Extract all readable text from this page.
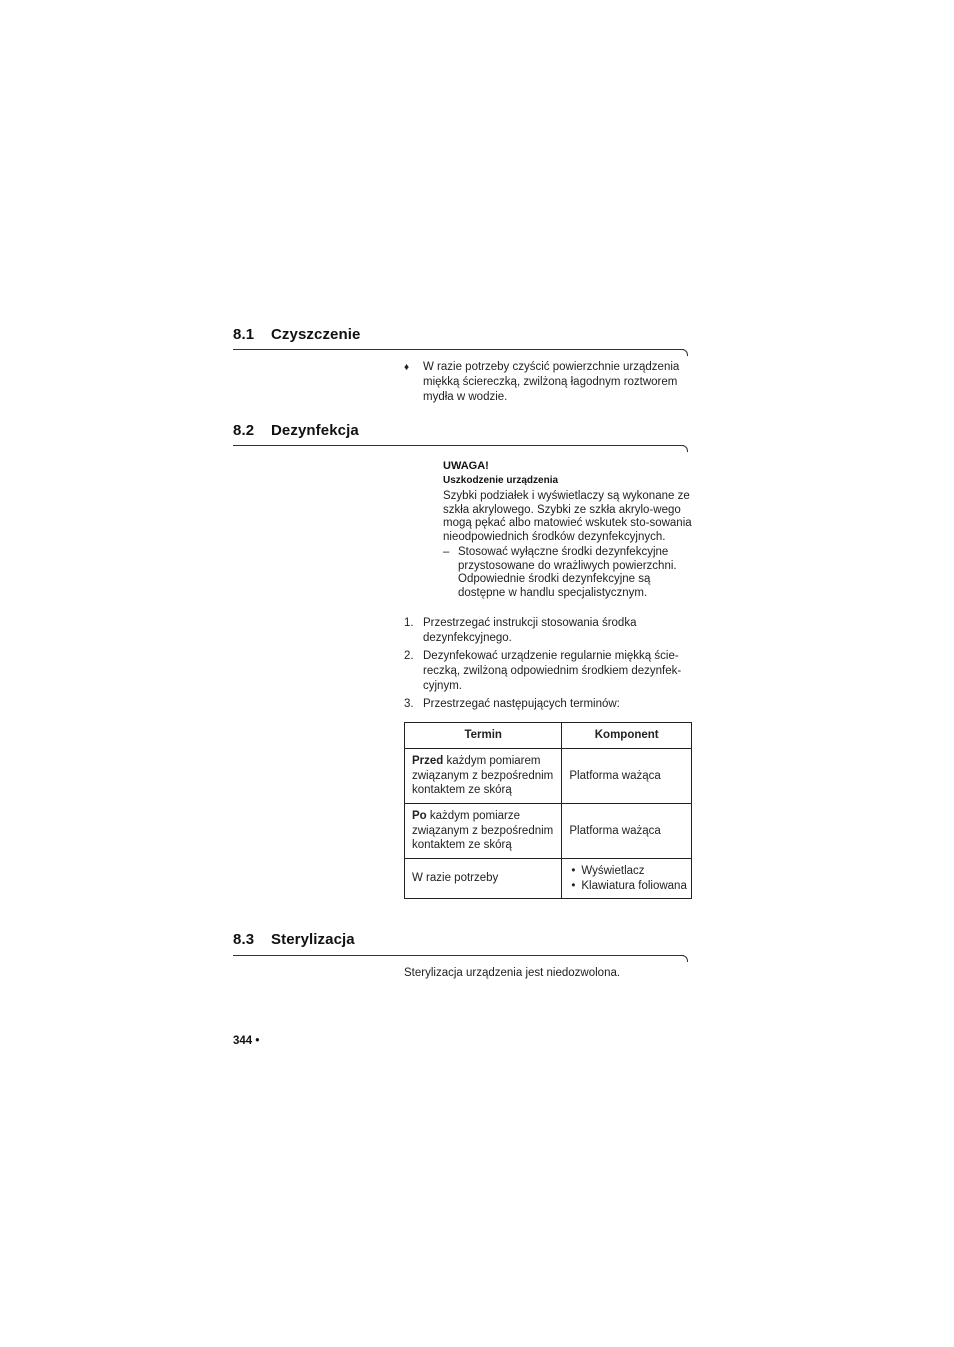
8.1 Czyszczenie
♦ W razie potrzeby czyścić powierzchnie urządzenia miękką ściereczką, zwilżoną łagodnym roztworem mydła w wodzie.
8.2 Dezynfekcja
UWAGA!
Uszkodzenie urządzenia
Szybki podziałek i wyświetlaczy są wykonane ze szkła akrylowego. Szybki ze szkła akrylo-wego mogą pękać albo matowieć wskutek sto-sowania nieodpowiednich środków dezynfekcyjnych.
– Stosować wyłączne środki dezynfekcyjne przystosowane do wrażliwych powierzchni. Odpowiednie środki dezynfekcyjne są dostępne w handlu specjalistycznym.
1. Przestrzegać instrukcji stosowania środka dezynfekcyjnego.
2. Dezynfekować urządzenie regularnie miękką ście-reczką, zwilżoną odpowiednim środkiem dezynfek-cyjnym.
3. Przestrzegać następujących terminów:
Termin	Komponent
Przed każdym pomiarem związanym z bezpośrednim kontaktem ze skórą	Platforma ważąca
Po każdym pomiarze związanym z bezpośrednim kontaktem ze skórą	Platforma ważąca
W razie potrzeby	• Wyświetlacz
• Klawiatura foliowana
8.3 Sterylizacja
Sterylizacja urządzenia jest niedozwolona.
344 •
